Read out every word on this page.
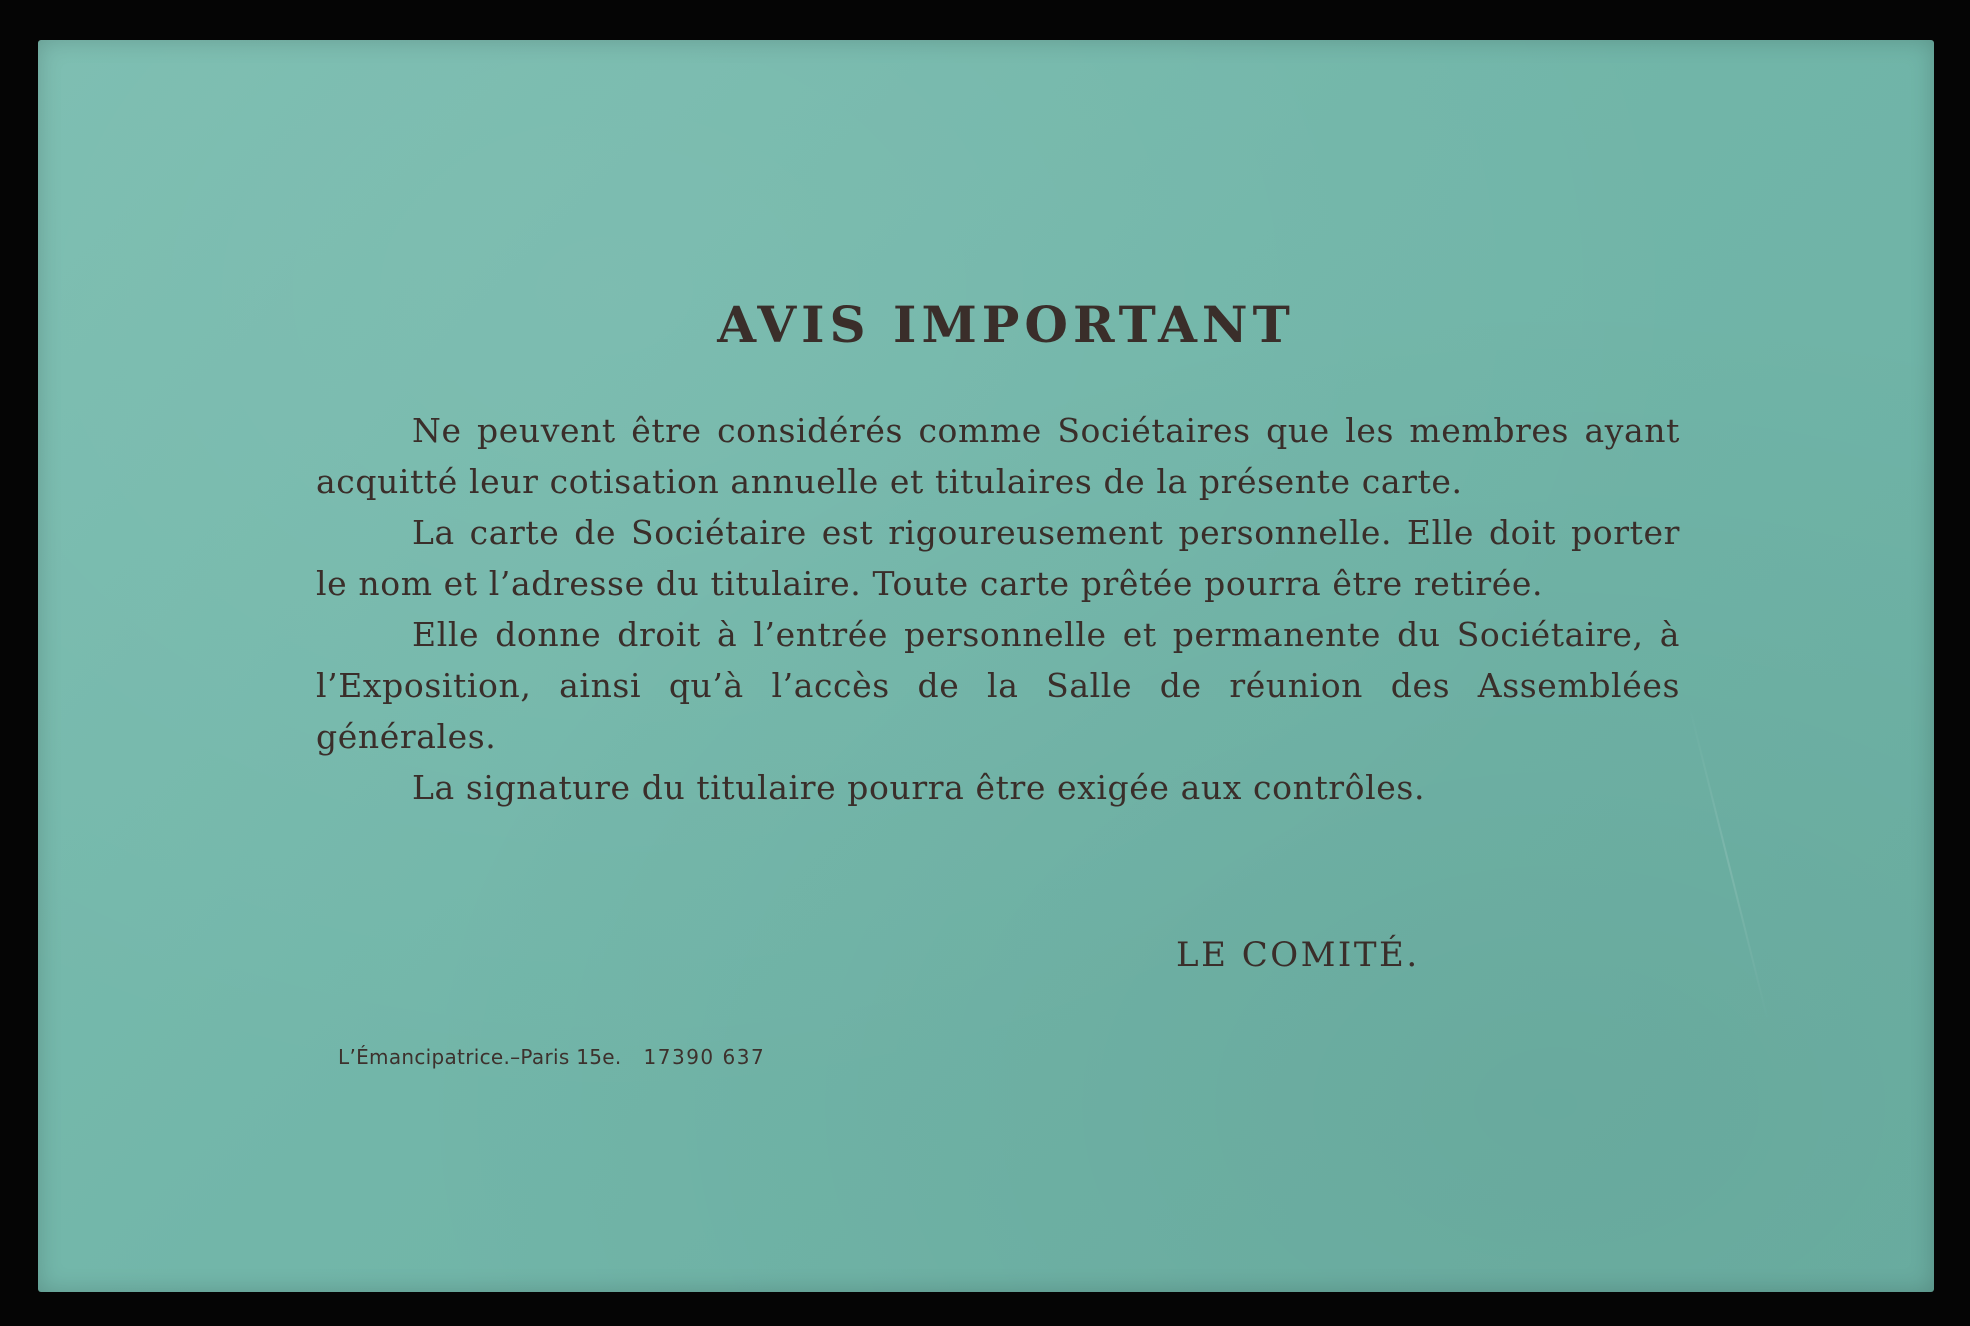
AVIS IMPORTANT

Ne peuvent être considérés comme Sociétaires que les membres ayant acquitté leur cotisation annuelle et titulaires de la présente carte.

La carte de Sociétaire est rigoureusement personnelle. Elle doit porter le nom et l’adresse du titulaire. Toute carte prêtée pourra être retirée.

Elle donne droit à l’entrée personnelle et permanente du Sociétaire, à l’Exposition, ainsi qu’à l’accès de la Salle de réunion des Assemblées générales.

La signature du titulaire pourra être exigée aux contrôles.

LE COMITÉ.
L’Émancipatrice.–Paris 15e. 17390 637
